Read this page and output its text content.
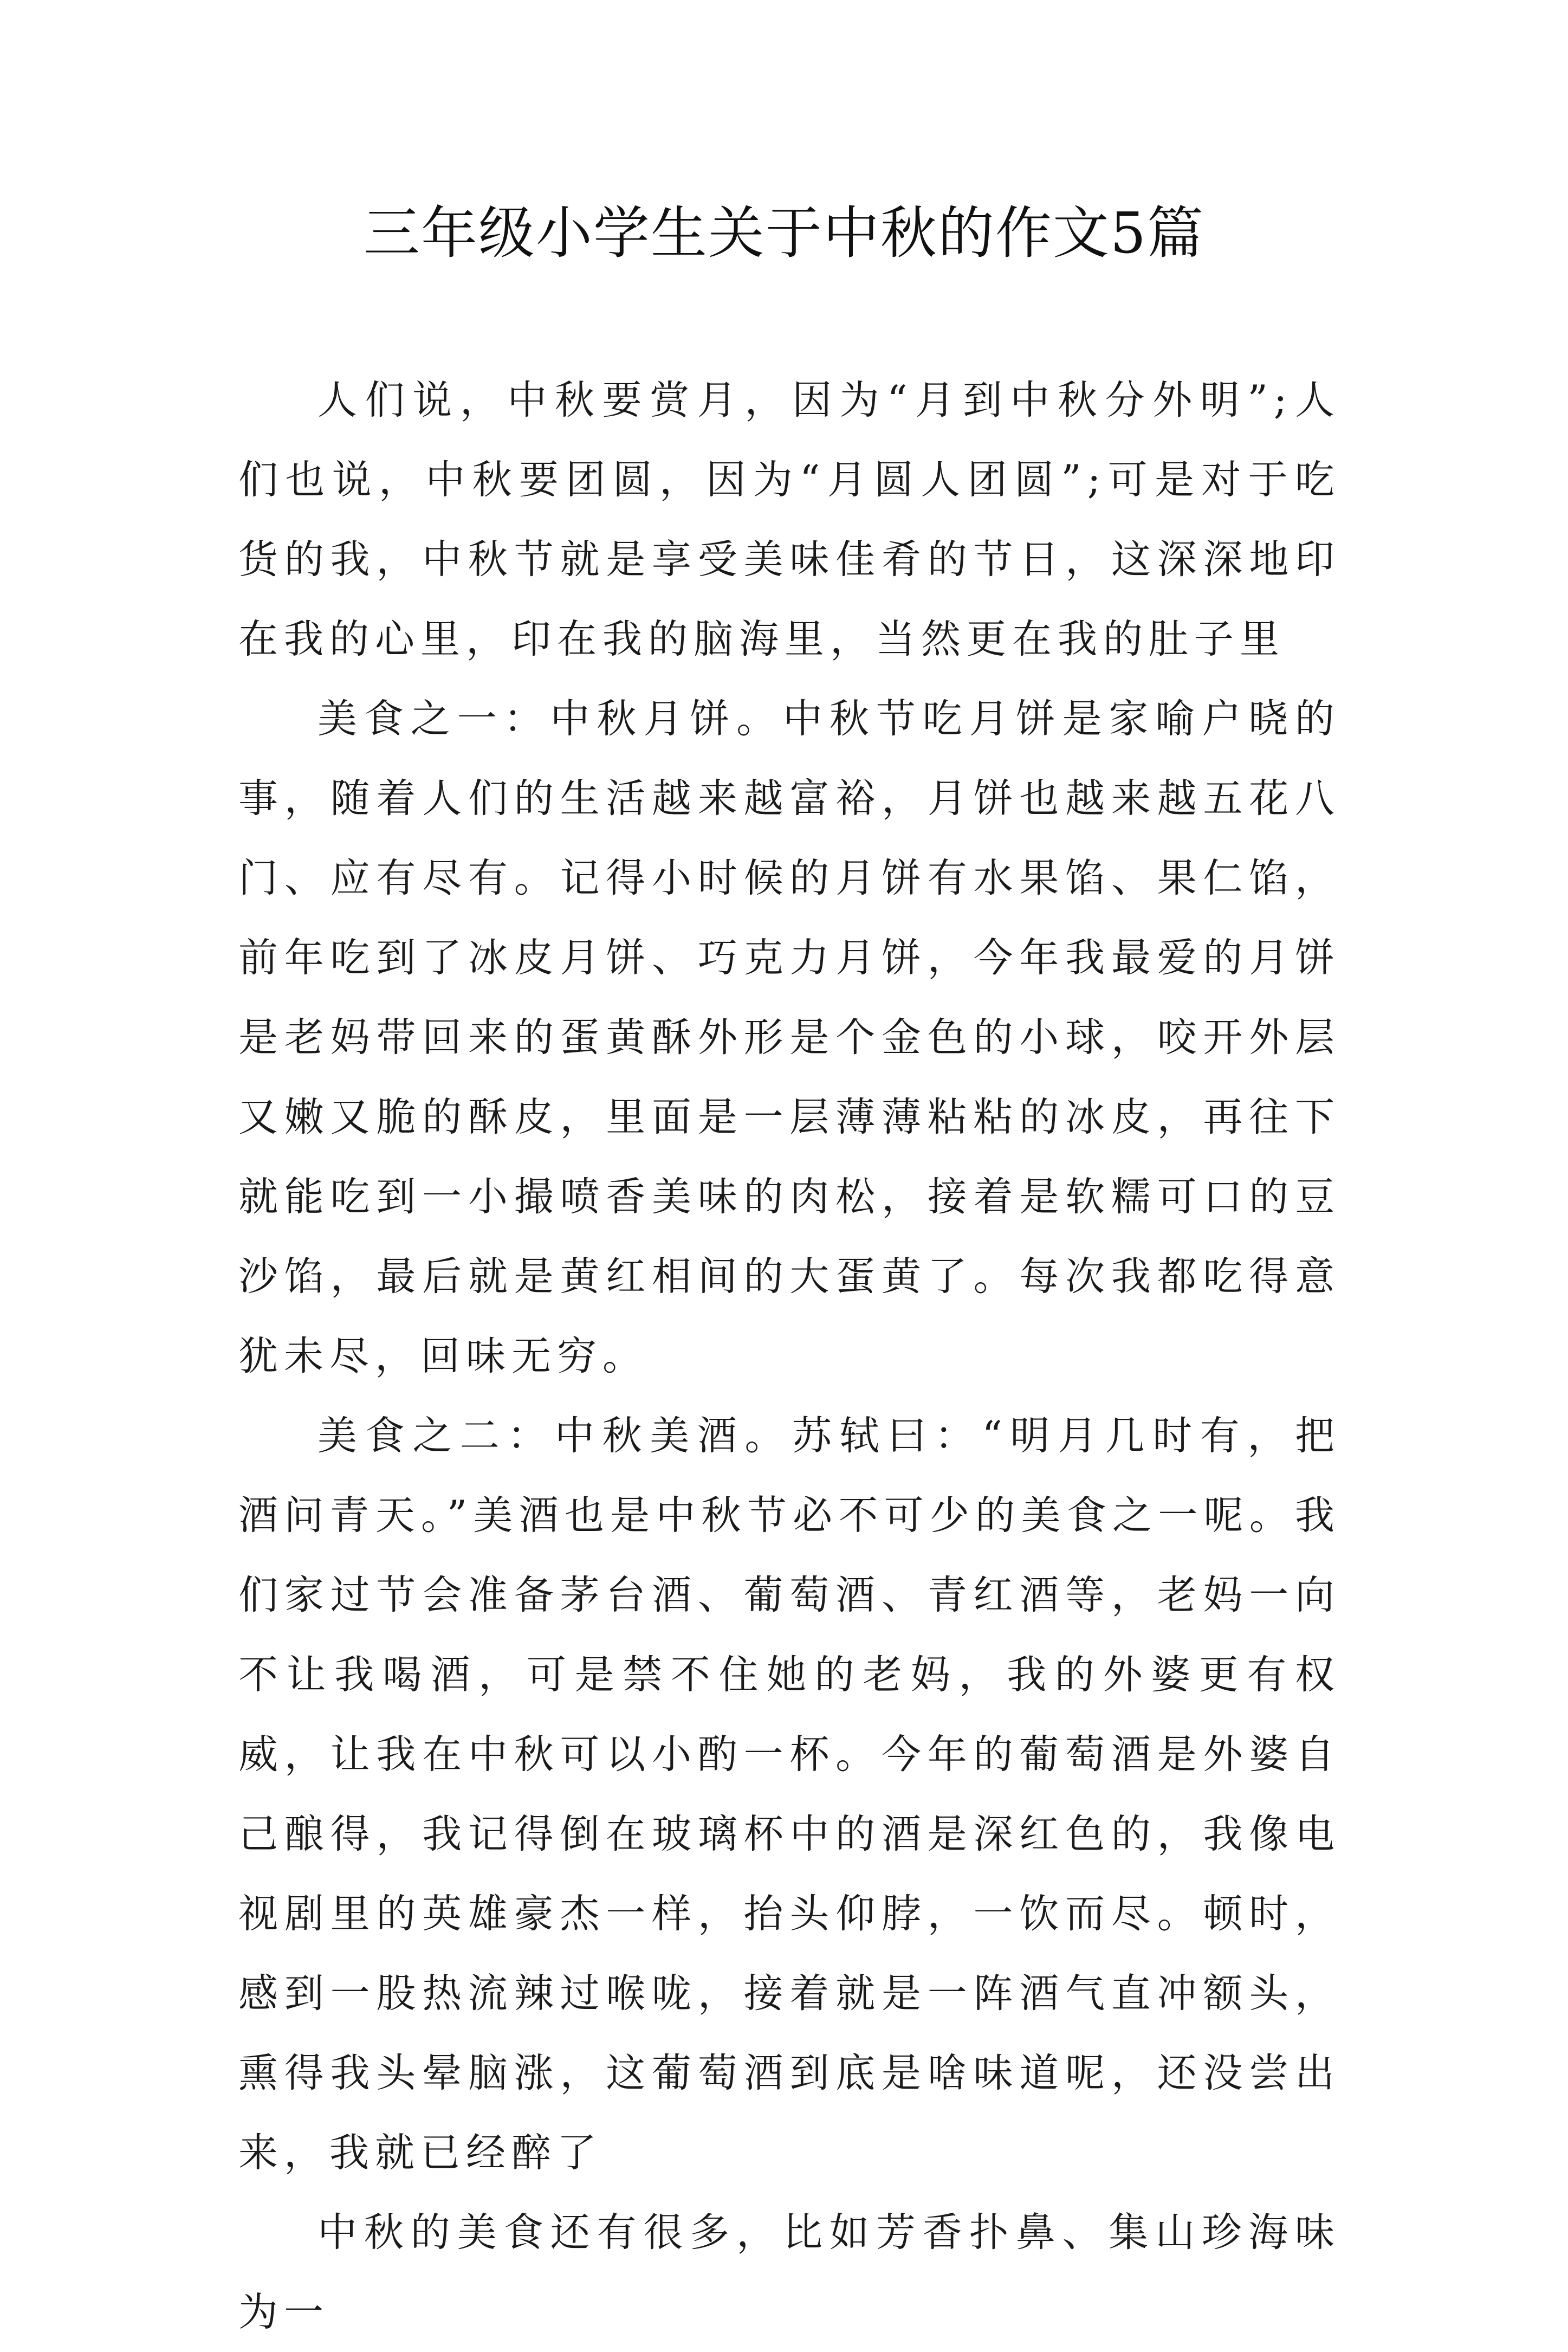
三年级小学生关于中秋的作文5篇

人们说，中秋要赏月，因为“月到中秋分外明”;人们也说，中秋要团圆，因为“月圆人团圆”;可是对于吃货的我，中秋节就是享受美味佳肴的节日，这深深地印在我的心里，印在我的脑海里，当然更在我的肚子里

美食之一：中秋月饼。中秋节吃月饼是家喻户晓的事，随着人们的生活越来越富裕，月饼也越来越五花八门、应有尽有。记得小时候的月饼有水果馅、果仁馅，前年吃到了冰皮月饼、巧克力月饼，今年我最爱的月饼是老妈带回来的蛋黄酥外形是个金色的小球，咬开外层又嫩又脆的酥皮，里面是一层薄薄粘粘的冰皮，再往下就能吃到一小撮喷香美味的肉松，接着是软糯可口的豆沙馅，最后就是黄红相间的大蛋黄了。每次我都吃得意犹未尽，回味无穷。

美食之二：中秋美酒。苏轼曰：“明月几时有，把酒问青天。”美酒也是中秋节必不可少的美食之一呢。我们家过节会准备茅台酒、葡萄酒、青红酒等，老妈一向不让我喝酒，可是禁不住她的老妈，我的外婆更有权威，让我在中秋可以小酌一杯。今年的葡萄酒是外婆自己酿得，我记得倒在玻璃杯中的酒是深红色的，我像电视剧里的英雄豪杰一样，抬头仰脖，一饮而尽。顿时，感到一股热流辣过喉咙，接着就是一阵酒气直冲额头，熏得我头晕脑涨，这葡萄酒到底是啥味道呢，还没尝出来，我就已经醉了

中秋的美食还有很多，比如芳香扑鼻、集山珍海味为一
